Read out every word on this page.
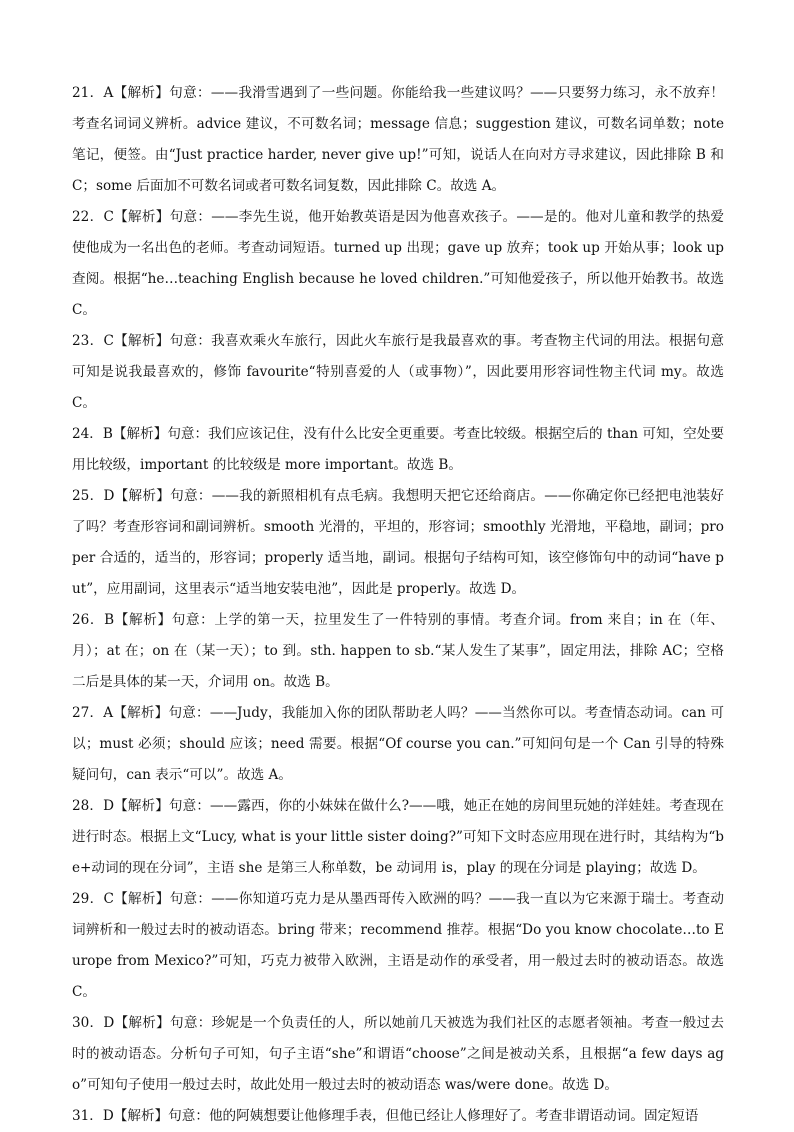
21．A【解析】句意：——我滑雪遇到了一些问题。你能给我一些建议吗？——只要努力练习，永不放弃！考查名词词义辨析。advice 建议，不可数名词；message 信息；suggestion 建议，可数名词单数；note 笔记，便签。由“Just practice harder, never give up!”可知，说话人在向对方寻求建议，因此排除 B 和 C；some 后面加不可数名词或者可数名词复数，因此排除 C。故选 A。

22．C【解析】句意：——李先生说，他开始教英语是因为他喜欢孩子。——是的。他对儿童和教学的热爱使他成为一名出色的老师。考查动词短语。turned up 出现；gave up 放弃；took up 开始从事；look up 查阅。根据“he…teaching English because he loved children.”可知他爱孩子，所以他开始教书。故选 C。

23．C【解析】句意：我喜欢乘火车旅行，因此火车旅行是我最喜欢的事。考查物主代词的用法。根据句意可知是说我最喜欢的，修饰 favourite“特别喜爱的人（或事物）”，因此要用形容词性物主代词 my。故选 C。

24．B【解析】句意：我们应该记住，没有什么比安全更重要。考查比较级。根据空后的 than 可知，空处要用比较级，important 的比较级是 more important。故选 B。

25．D【解析】句意：——我的新照相机有点毛病。我想明天把它还给商店。——你确定你已经把电池装好了吗？考查形容词和副词辨析。smooth 光滑的，平坦的，形容词；smoothly 光滑地，平稳地，副词；proper 合适的，适当的，形容词；properly 适当地，副词。根据句子结构可知，该空修饰句中的动词“have put”，应用副词，这里表示“适当地安装电池”，因此是 properly。故选 D。

26．B【解析】句意：上学的第一天，拉里发生了一件特别的事情。考查介词。from 来自；in 在（年、月）；at 在；on 在（某一天）；to 到。sth. happen to sb.“某人发生了某事”，固定用法，排除 AC；空格二后是具体的某一天，介词用 on。故选 B。

27．A【解析】句意：——Judy，我能加入你的团队帮助老人吗？——当然你可以。考查情态动词。can 可以；must 必须；should 应该；need 需要。根据“Of course you can.”可知问句是一个 Can 引导的特殊疑问句，can 表示“可以”。故选 A。

28．D【解析】句意：——露西，你的小妹妹在做什么?——哦，她正在她的房间里玩她的洋娃娃。考查现在进行时态。根据上文“Lucy, what is your little sister doing?”可知下文时态应用现在进行时，其结构为“be+动词的现在分词”，主语 she 是第三人称单数，be 动词用 is，play 的现在分词是 playing；故选 D。

29．C【解析】句意：——你知道巧克力是从墨西哥传入欧洲的吗？——我一直以为它来源于瑞士。考查动词辨析和一般过去时的被动语态。bring 带来；recommend 推荐。根据“Do you know chocolate…to Europe from Mexico?”可知，巧克力被带入欧洲，主语是动作的承受者，用一般过去时的被动语态。故选 C。

30．D【解析】句意：珍妮是一个负责任的人，所以她前几天被选为我们社区的志愿者领袖。考查一般过去时的被动语态。分析句子可知，句子主语“she”和谓语“choose”之间是被动关系，且根据“a few days ago”可知句子使用一般过去时，故此处用一般过去时的被动语态 was/were done。故选 D。

31．D【解析】句意：他的阿姨想要让他修理手表，但他已经让人修理好了。考查非谓语动词。固定短语
